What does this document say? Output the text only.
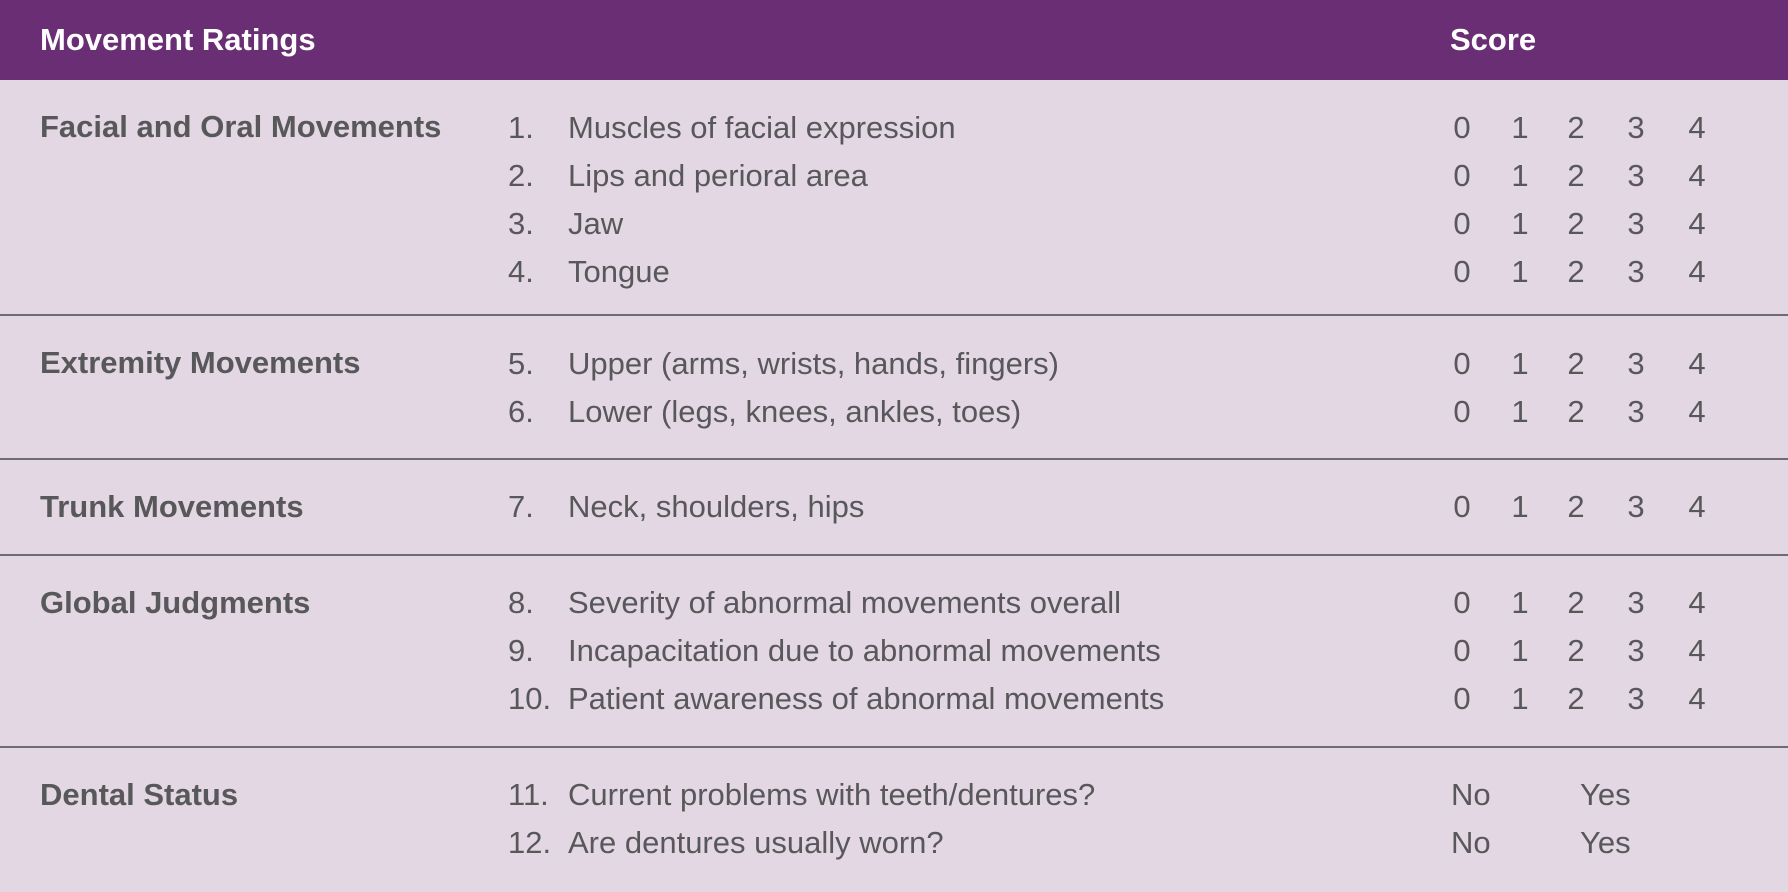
Movement Ratings	Score
Facial and Oral Movements	1. Muscles of facial expression	0	1	2	3	4
2. Lips and perioral area	0	1	2	3	4
3. Jaw	0	1	2	3	4
4. Tongue	0	1	2	3	4
Extremity Movements	5. Upper (arms, wrists, hands, fingers)	0	1	2	3	4
6. Lower (legs, knees, ankles, toes)	0	1	2	3	4
Trunk Movements	7. Neck, shoulders, hips	0	1	2	3	4
Global Judgments	8. Severity of abnormal movements overall	0	1	2	3	4
9. Incapacitation due to abnormal movements	0	1	2	3	4
10. Patient awareness of abnormal movements	0	1	2	3	4
Dental Status	11. Current problems with teeth/dentures?	No	Yes
12. Are dentures usually worn?	No	Yes
